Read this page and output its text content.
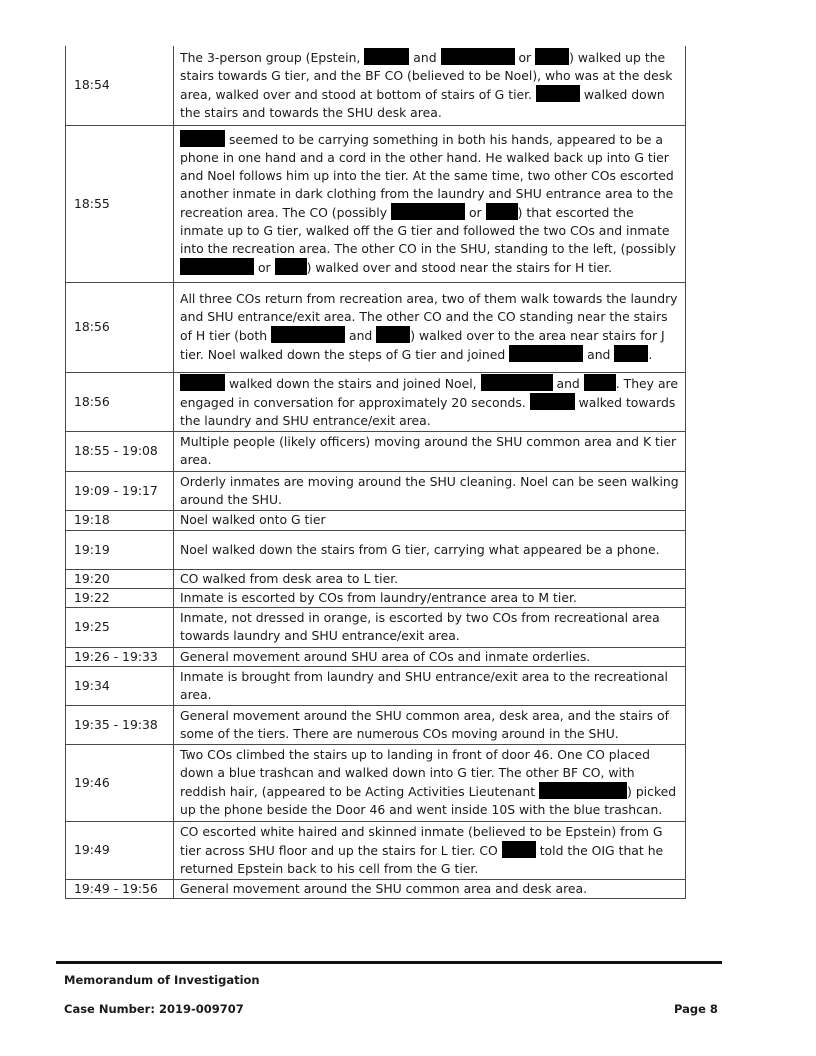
18:54	The 3-person group (Epstein, and or ) walked up the stairs towards G tier, and the BF CO (believed to be Noel), who was at the desk area, walked over and stood at bottom of stairs of G tier. walked down the stairs and towards the SHU desk area.
18:55	seemed to be carrying something in both his hands, appeared to be a phone in one hand and a cord in the other hand. He walked back up into G tier and Noel follows him up into the tier. At the same time, two other COs escorted another inmate in dark clothing from the laundry and SHU entrance area to the recreation area. The CO (possibly or ) that escorted the inmate up to G tier, walked off the G tier and followed the two COs and inmate into the recreation area. The other CO in the SHU, standing to the left, (possibly  or ) walked over and stood near the stairs for H tier.
18:56	All three COs return from recreation area, two of them walk towards the laundry and SHU entrance/exit area. The other CO and the CO standing near the stairs of H tier (both and ) walked over to the area near stairs for J tier. Noel walked down the steps of G tier and joined and .
18:56	walked down the stairs and joined Noel, and . They are engaged in conversation for approximately 20 seconds. walked towards the laundry and SHU entrance/exit area.
18:55 - 19:08	Multiple people (likely officers) moving around the SHU common area and K tier area.
19:09 - 19:17	Orderly inmates are moving around the SHU cleaning. Noel can be seen walking around the SHU.
19:18	Noel walked onto G tier
19:19	Noel walked down the stairs from G tier, carrying what appeared be a phone.
19:20	CO walked from desk area to L tier.
19:22	Inmate is escorted by COs from laundry/entrance area to M tier.
19:25	Inmate, not dressed in orange, is escorted by two COs from recreational area towards laundry and SHU entrance/exit area.
19:26 - 19:33	General movement around SHU area of COs and inmate orderlies.
19:34	Inmate is brought from laundry and SHU entrance/exit area to the recreational area.
19:35 - 19:38	General movement around the SHU common area, desk area, and the stairs of some of the tiers. There are numerous COs moving around in the SHU.
19:46	Two COs climbed the stairs up to landing in front of door 46. One CO placed down a blue trashcan and walked down into G tier. The other BF CO, with reddish hair, (appeared to be Acting Activities Lieutenant ) picked up the phone beside the Door 46 and went inside 10S with the blue trashcan.
19:49	CO escorted white haired and skinned inmate (believed to be Epstein) from G tier across SHU floor and up the stairs for L tier. CO told the OIG that he returned Epstein back to his cell from the G tier.
19:49 - 19:56	General movement around the SHU common area and desk area.
Memorandum of Investigation
Case Number: 2019-009707	Page 8
